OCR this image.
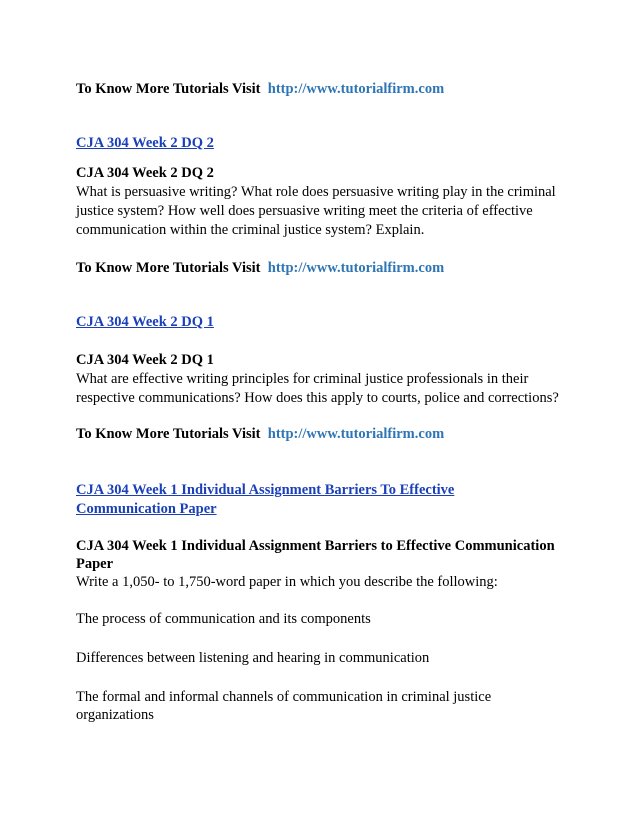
To Know More Tutorials Visit http://www.tutorialfirm.com
CJA 304 Week 2 DQ 2
CJA 304 Week 2 DQ 2
What is persuasive writing? What role does persuasive writing play in the criminal
justice system? How well does persuasive writing meet the criteria of effective
communication within the criminal justice system? Explain.
To Know More Tutorials Visit http://www.tutorialfirm.com
CJA 304 Week 2 DQ 1
CJA 304 Week 2 DQ 1
What are effective writing principles for criminal justice professionals in their
respective communications? How does this apply to courts, police and corrections?
To Know More Tutorials Visit http://www.tutorialfirm.com
CJA 304 Week 1 Individual Assignment Barriers To Effective
Communication Paper
CJA 304 Week 1 Individual Assignment Barriers to Effective Communication
Paper
Write a 1,050- to 1,750-word paper in which you describe the following:
The process of communication and its components
Differences between listening and hearing in communication
The formal and informal channels of communication in criminal justice
organizations
